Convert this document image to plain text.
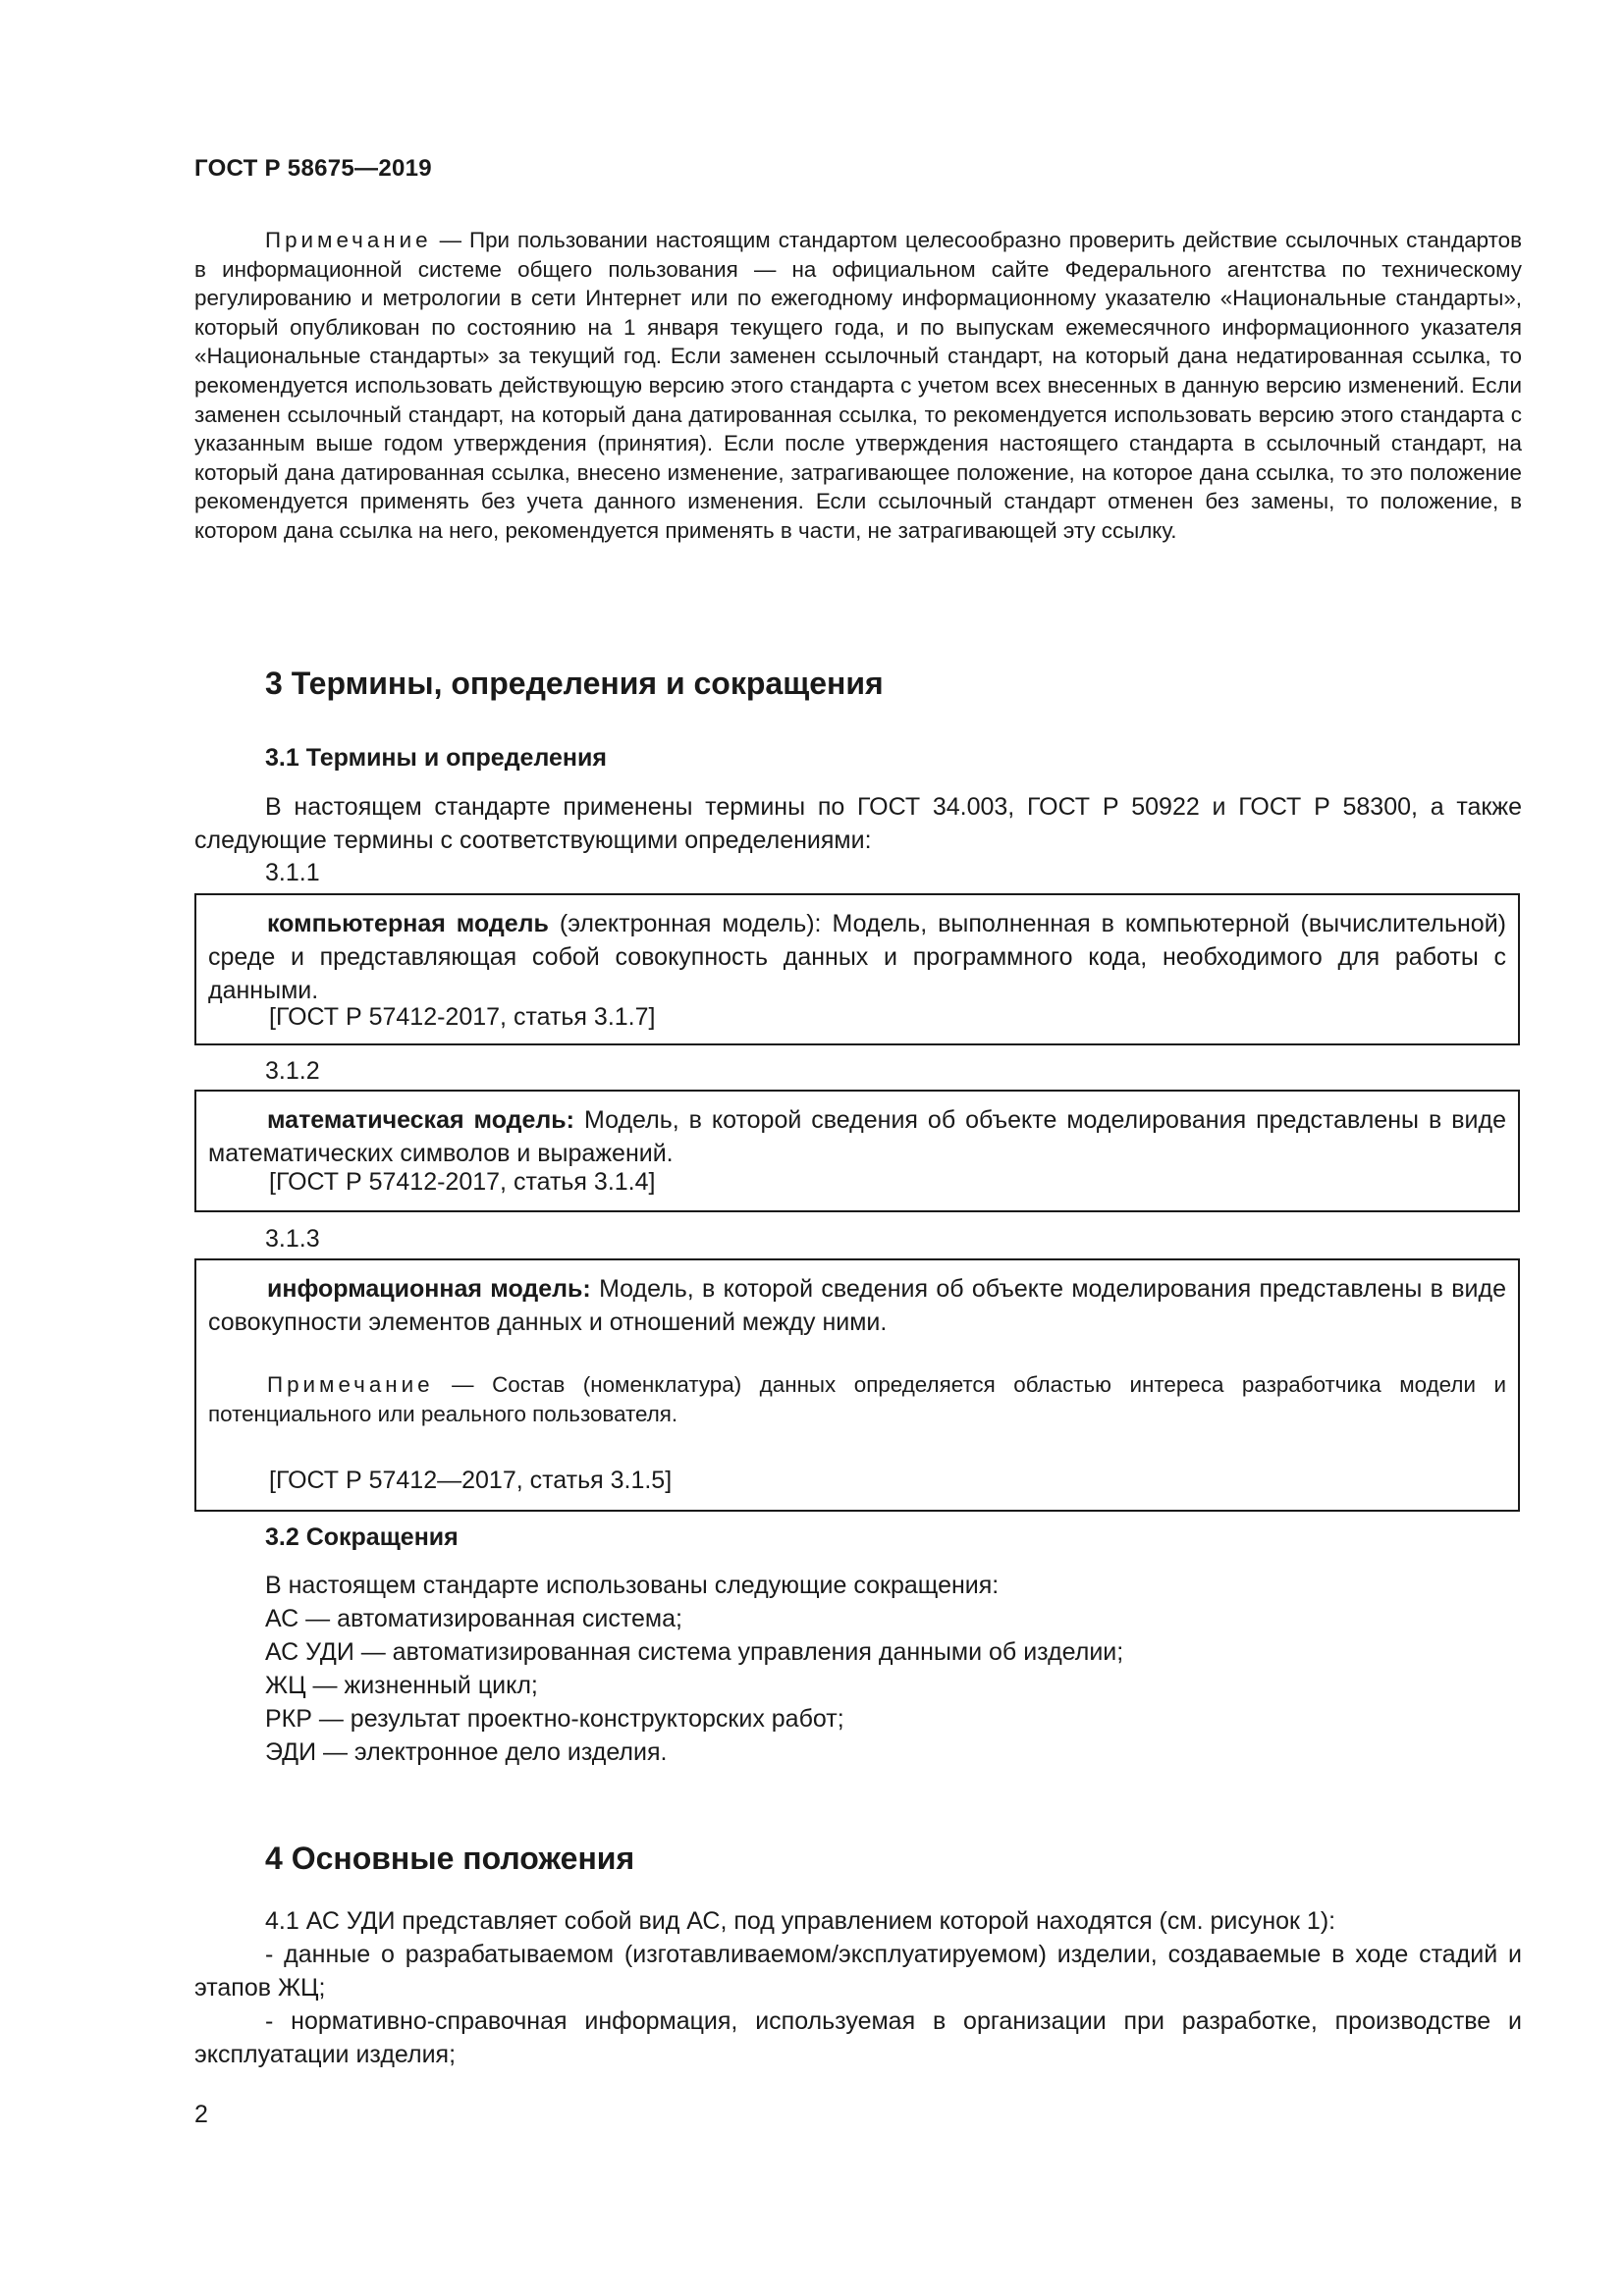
ГОСТ Р 58675—2019
Примечание — При пользовании настоящим стандартом целесообразно проверить действие ссылочных стандартов в информационной системе общего пользования — на официальном сайте Федерального агентства по техническому регулированию и метрологии в сети Интернет или по ежегодному информационному указателю «Национальные стандарты», который опубликован по состоянию на 1 января текущего года, и по выпускам ежемесячного информационного указателя «Национальные стандарты» за текущий год. Если заменен ссылочный стандарт, на который дана недатированная ссылка, то рекомендуется использовать действующую версию этого стандарта с учетом всех внесенных в данную версию изменений. Если заменен ссылочный стандарт, на который дана датированная ссылка, то рекомендуется использовать версию этого стандарта с указанным выше годом утверждения (принятия). Если после утверждения настоящего стандарта в ссылочный стандарт, на который дана датированная ссылка, внесено изменение, затрагивающее положение, на которое дана ссылка, то это положение рекомендуется применять без учета данного изменения. Если ссылочный стандарт отменен без замены, то положение, в котором дана ссылка на него, рекомендуется применять в части, не затрагивающей эту ссылку.
3 Термины, определения и сокращения
3.1 Термины и определения
В настоящем стандарте применены термины по ГОСТ 34.003, ГОСТ Р 50922 и ГОСТ Р 58300, а также следующие термины с соответствующими определениями:
3.1.1
компьютерная модель (электронная модель): Модель, выполненная в компьютерной (вычислительной) среде и представляющая собой совокупность данных и программного кода, необходимого для работы с данными.
[ГОСТ Р 57412-2017, статья 3.1.7]
3.1.2
математическая модель: Модель, в которой сведения об объекте моделирования представлены в виде математических символов и выражений.
[ГОСТ Р 57412-2017, статья 3.1.4]
3.1.3
информационная модель: Модель, в которой сведения об объекте моделирования представлены в виде совокупности элементов данных и отношений между ними.
Примечание — Состав (номенклатура) данных определяется областью интереса разработчика модели и потенциального или реального пользователя.
[ГОСТ Р 57412—2017, статья 3.1.5]
3.2 Сокращения
В настоящем стандарте использованы следующие сокращения:
АС — автоматизированная система;
АС УДИ — автоматизированная система управления данными об изделии;
ЖЦ — жизненный цикл;
РКР — результат проектно-конструкторских работ;
ЭДИ — электронное дело изделия.
4 Основные положения
4.1 АС УДИ представляет собой вид АС, под управлением которой находятся (см. рисунок 1):
- данные о разрабатываемом (изготавливаемом/эксплуатируемом) изделии, создаваемые в ходе стадий и этапов ЖЦ;
- нормативно-справочная информация, используемая в организации при разработке, производстве и эксплуатации изделия;
2
